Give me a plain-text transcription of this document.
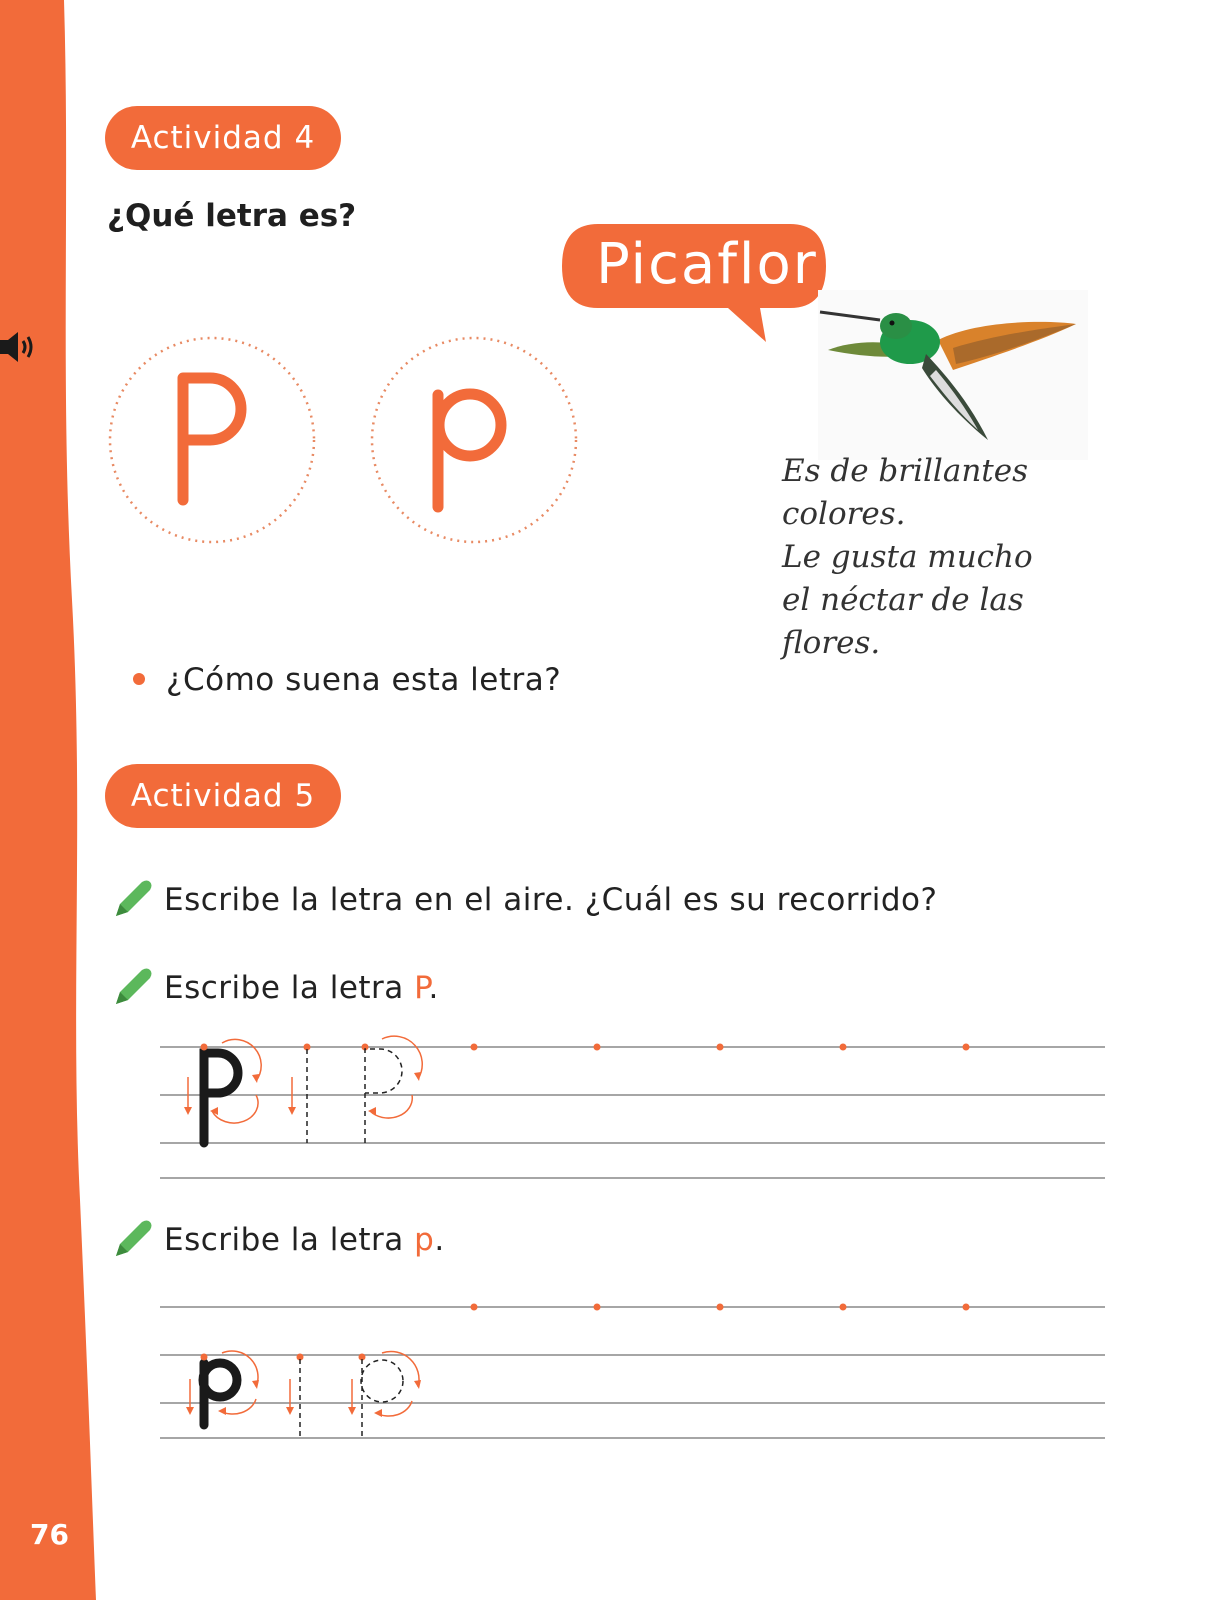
76
Actividad 4
¿Qué letra es?
Picaflor
Es de brillantes
colores.
Le gusta mucho
el néctar de las
flores.
¿Cómo suena esta letra?
Actividad 5
Escribe la letra en el aire. ¿Cuál es su recorrido?
Escribe la letra P.
Escribe la letra p.
